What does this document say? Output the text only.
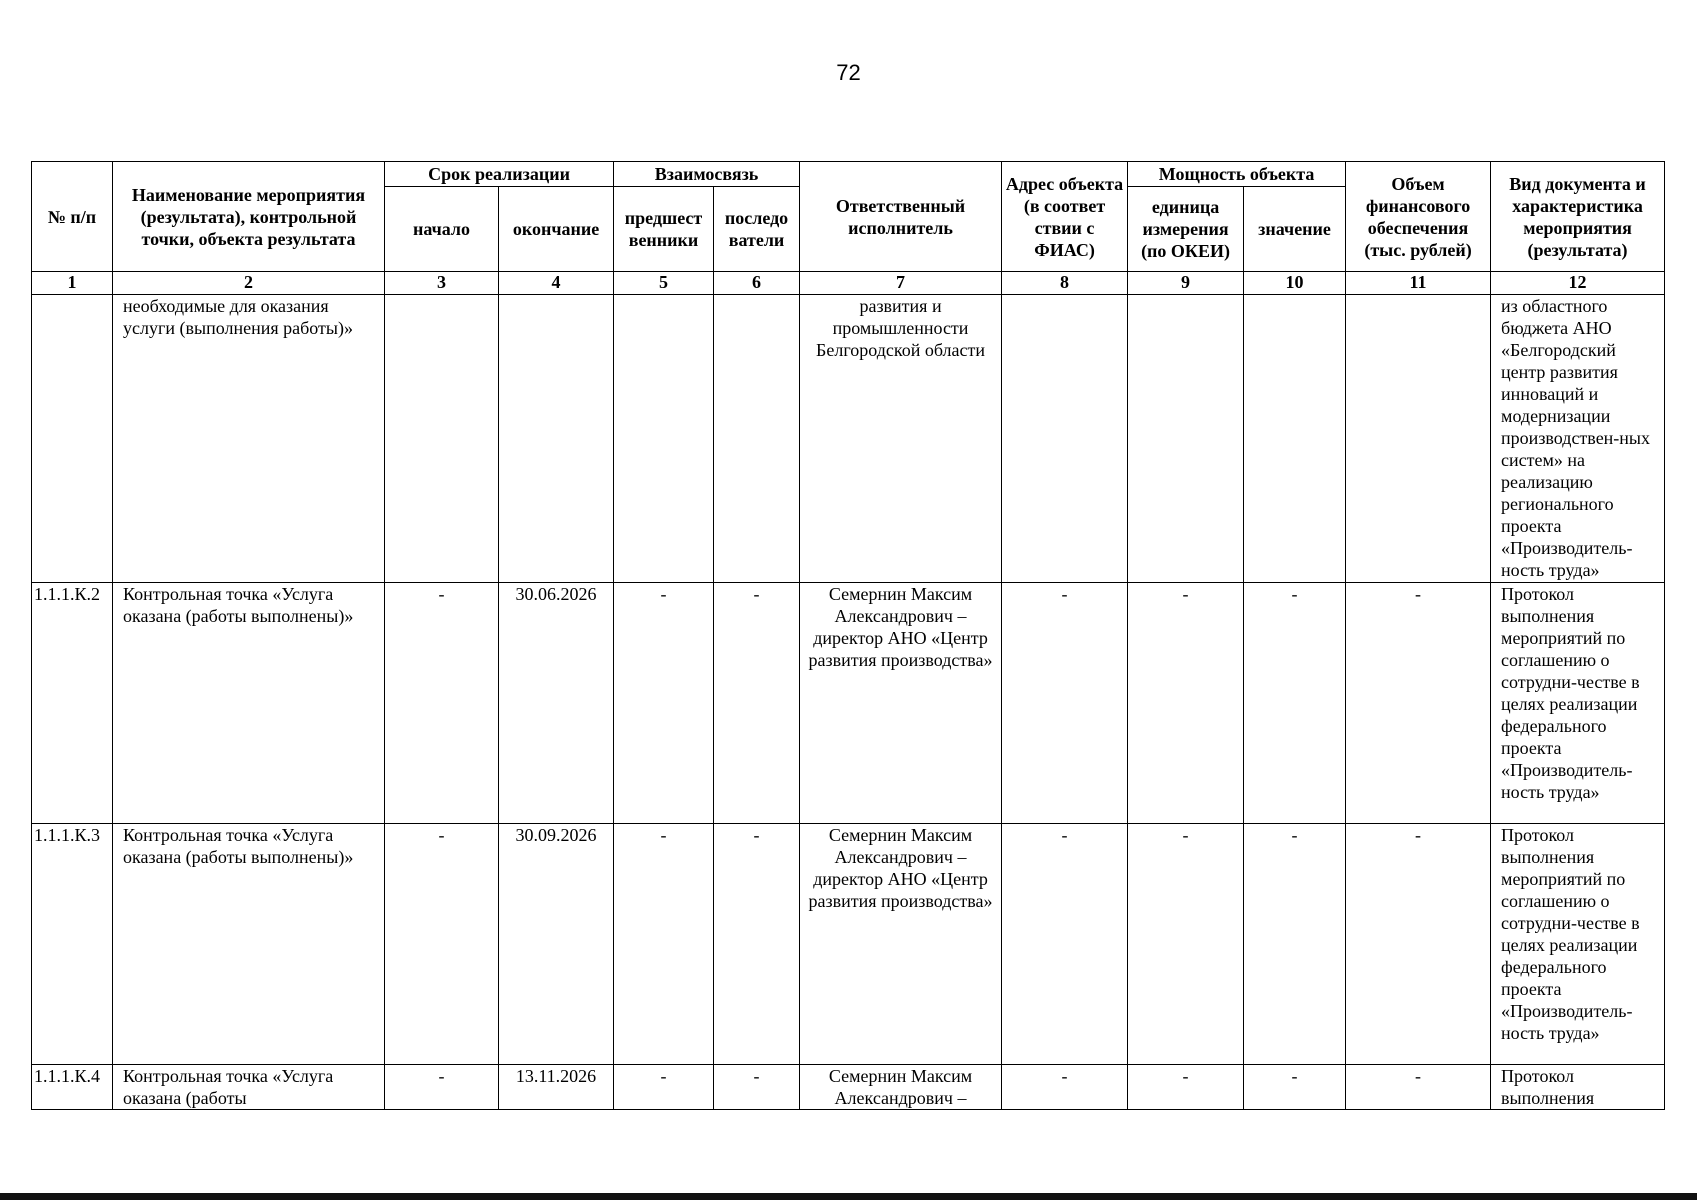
72
№ п/п	Наименование мероприятия (результата), контрольной точки, объекта результата	Срок реализации		Взаимосвязь		Ответственный исполнитель	Адрес объекта (в соответ ствии с ФИАС)	Мощность объекта		Объем финансового обеспечения (тыс. рублей)	Вид документа и характеристика мероприятия (результата)
		начало	окончание	предшест венники	последо ватели			единица измерения (по ОКЕИ)	значение		
1	2	3	4	5	6	7	8	9	10	11	12
	необходимые для оказания услуги (выполнения работы)»					развития и промышленности Белгородской области					из областного бюджета АНО «Белгородский центр развития инноваций и модернизации производствен-ных систем» на реализацию регионального проекта «Производитель-ность труда»
1.1.1.К.2	Контрольная точка «Услуга оказана (работы выполнены)»	-	30.06.2026	-	-	Семернин Максим Александрович – директор АНО «Центр развития производства»	-	-	-	-	Протокол выполнения мероприятий по соглашению о сотрудни-честве в целях реализации федерального проекта «Производитель-ность труда»
1.1.1.К.3	Контрольная точка «Услуга оказана (работы выполнены)»	-	30.09.2026	-	-	Семернин Максим Александрович – директор АНО «Центр развития производства»	-	-	-	-	Протокол выполнения мероприятий по соглашению о сотрудни-честве в целях реализации федерального проекта «Производитель-ность труда»
1.1.1.К.4	Контрольная точка «Услуга оказана (работы	-	13.11.2026	-	-	Семернин Максим Александрович –	-	-	-	-	Протокол выполнения
